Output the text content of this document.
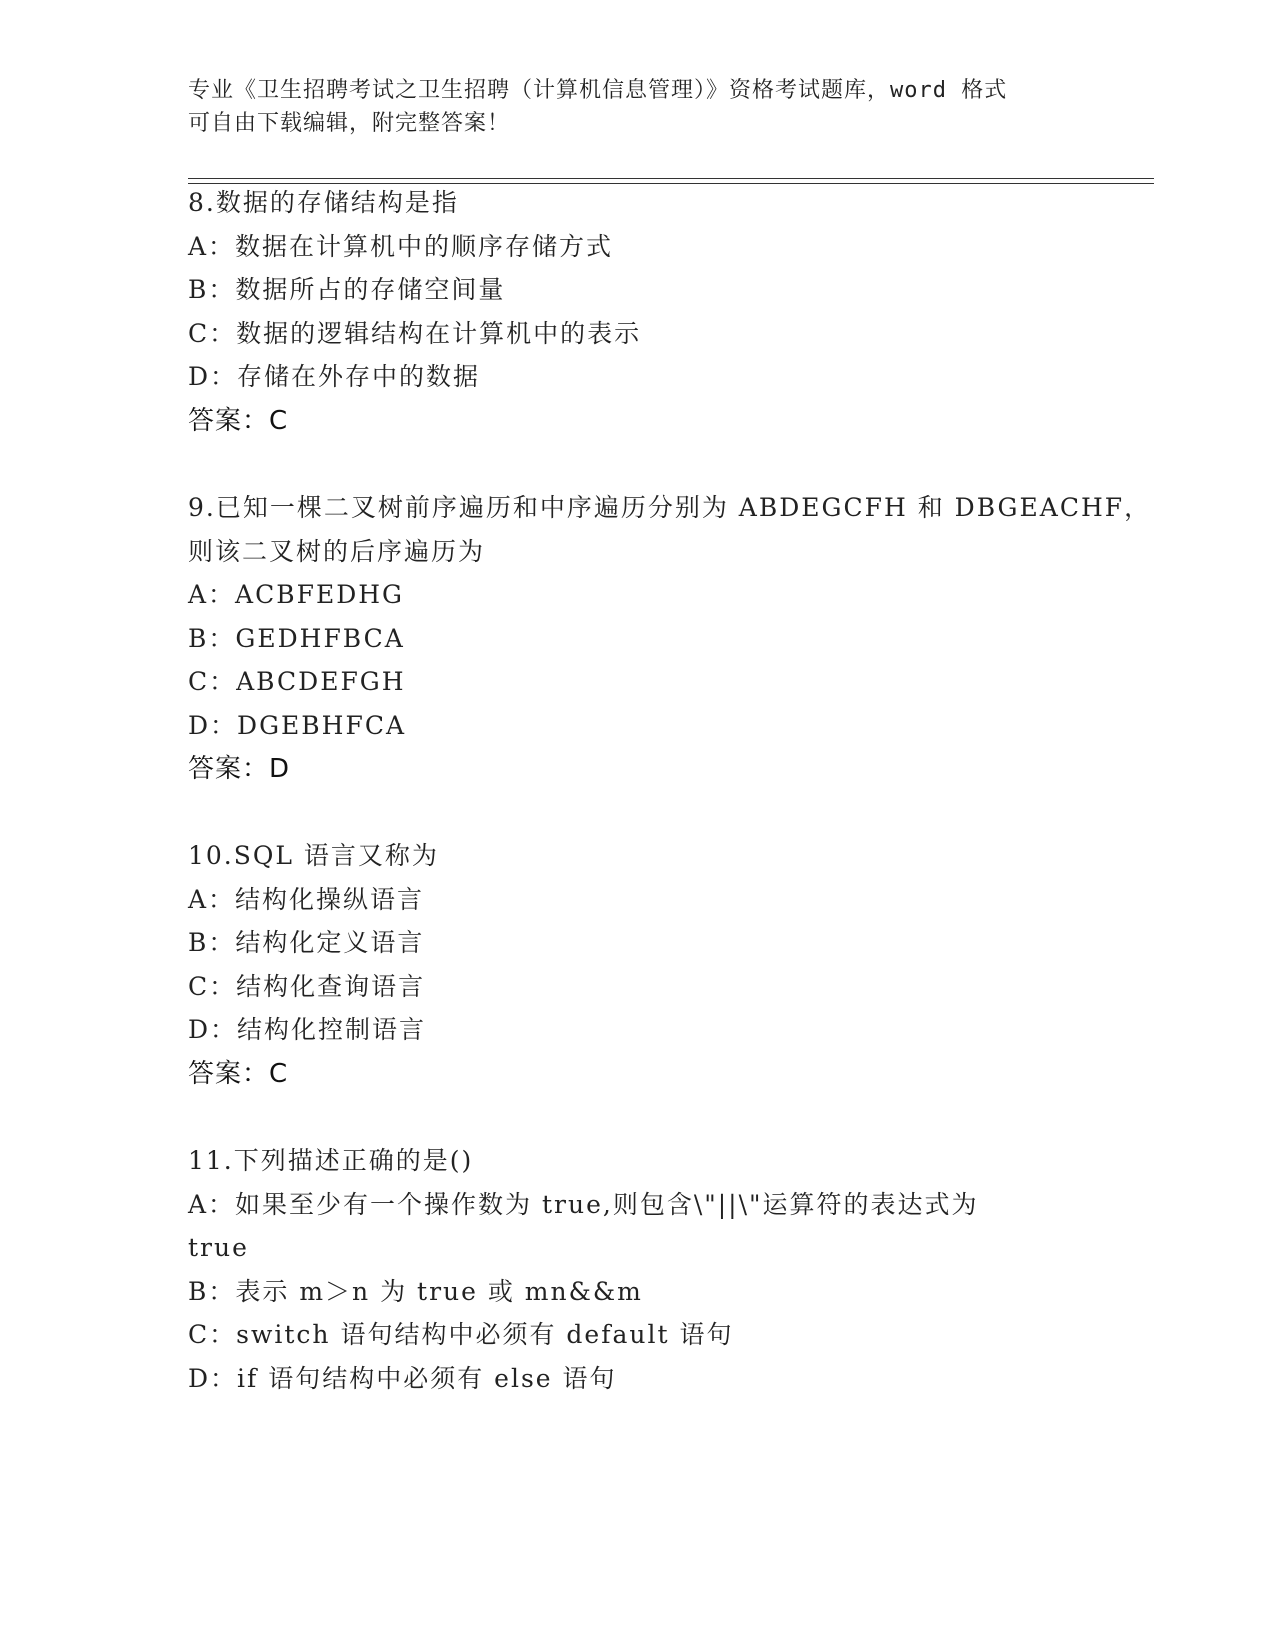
专业《卫生招聘考试之卫生招聘（计算机信息管理）》资格考试题库，word 格式
可自由下载编辑，附完整答案！
8.数据的存储结构是指
A：数据在计算机中的顺序存储方式
B：数据所占的存储空间量
C：数据的逻辑结构在计算机中的表示
D：存储在外存中的数据
答案：C
9.已知一棵二叉树前序遍历和中序遍历分别为 ABDEGCFH 和 DBGEACHF，
则该二叉树的后序遍历为
A：ACBFEDHG
B：GEDHFBCA
C：ABCDEFGH
D：DGEBHFCA
答案：D
10.SQL 语言又称为
A：结构化操纵语言
B：结构化定义语言
C：结构化查询语言
D：结构化控制语言
答案：C
11.下列描述正确的是()
A：如果至少有一个操作数为 true,则包含\"||\"运算符的表达式为
true
B：表示 m＞n 为 true 或 mn&&m
C：switch 语句结构中必须有 default 语句
D：if 语句结构中必须有 else 语句
